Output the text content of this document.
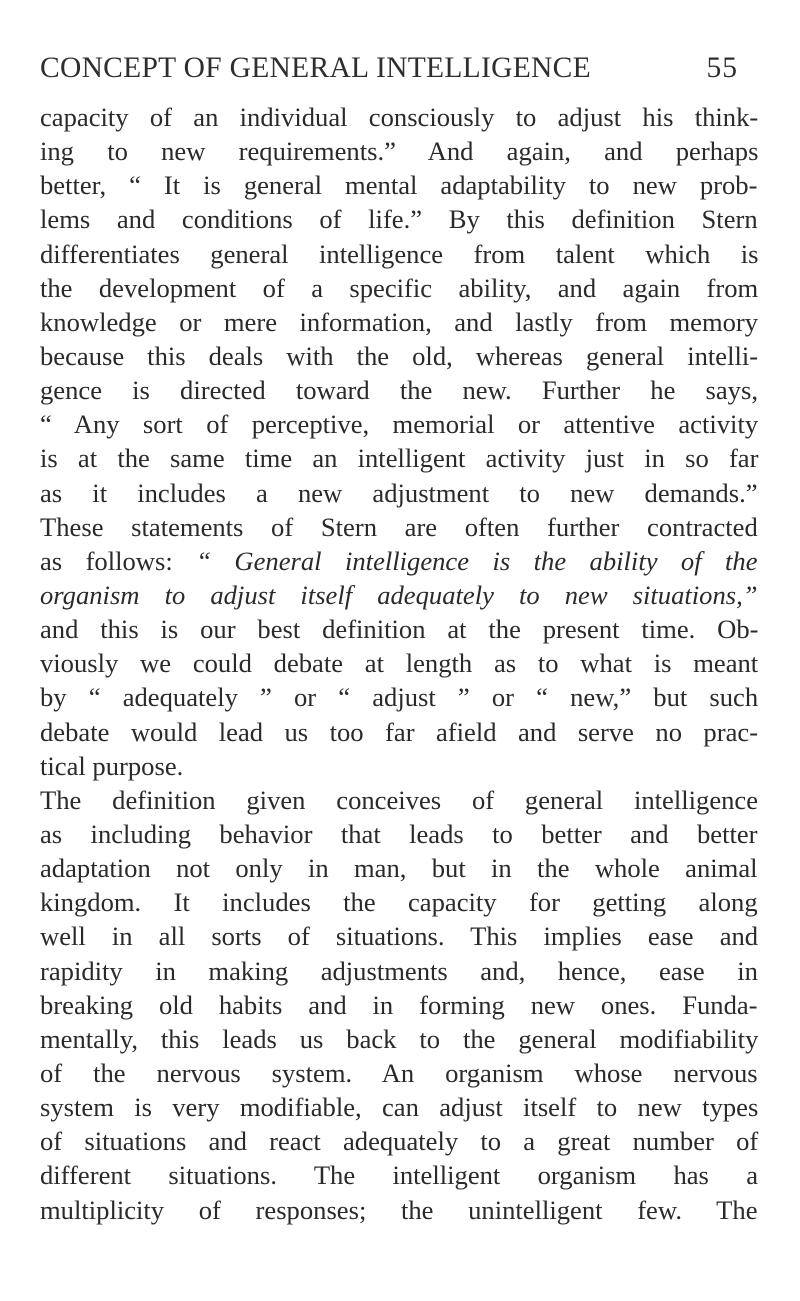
CONCEPT OF GENERAL INTELLIGENCE	55
capacity of an individual consciously to adjust his think-
ing to new requirements.” And again, and perhaps
better, “ It is general mental adaptability to new prob-
lems and conditions of life.” By this definition Stern
differentiates general intelligence from talent which is
the development of a specific ability, and again from
knowledge or mere information, and lastly from memory
because this deals with the old, whereas general intelli-
gence is directed toward the new. Further he says,
“ Any sort of perceptive, memorial or attentive activity
is at the same time an intelligent activity just in so far
as it includes a new adjustment to new demands.”
These statements of Stern are often further contracted
as follows: “ General intelligence is the ability of the
organism to adjust itself adequately to new situations,”
and this is our best definition at the present time. Ob-
viously we could debate at length as to what is meant
by “ adequately ” or “ adjust ” or “ new,” but such
debate would lead us too far afield and serve no prac-
tical purpose.
The definition given conceives of general intelligence
as including behavior that leads to better and better
adaptation not only in man, but in the whole animal
kingdom. It includes the capacity for getting along
well in all sorts of situations. This implies ease and
rapidity in making adjustments and, hence, ease in
breaking old habits and in forming new ones. Funda-
mentally, this leads us back to the general modifiability
of the nervous system. An organism whose nervous
system is very modifiable, can adjust itself to new types
of situations and react adequately to a great number of
different situations. The intelligent organism has a
multiplicity of responses; the unintelligent few. The
